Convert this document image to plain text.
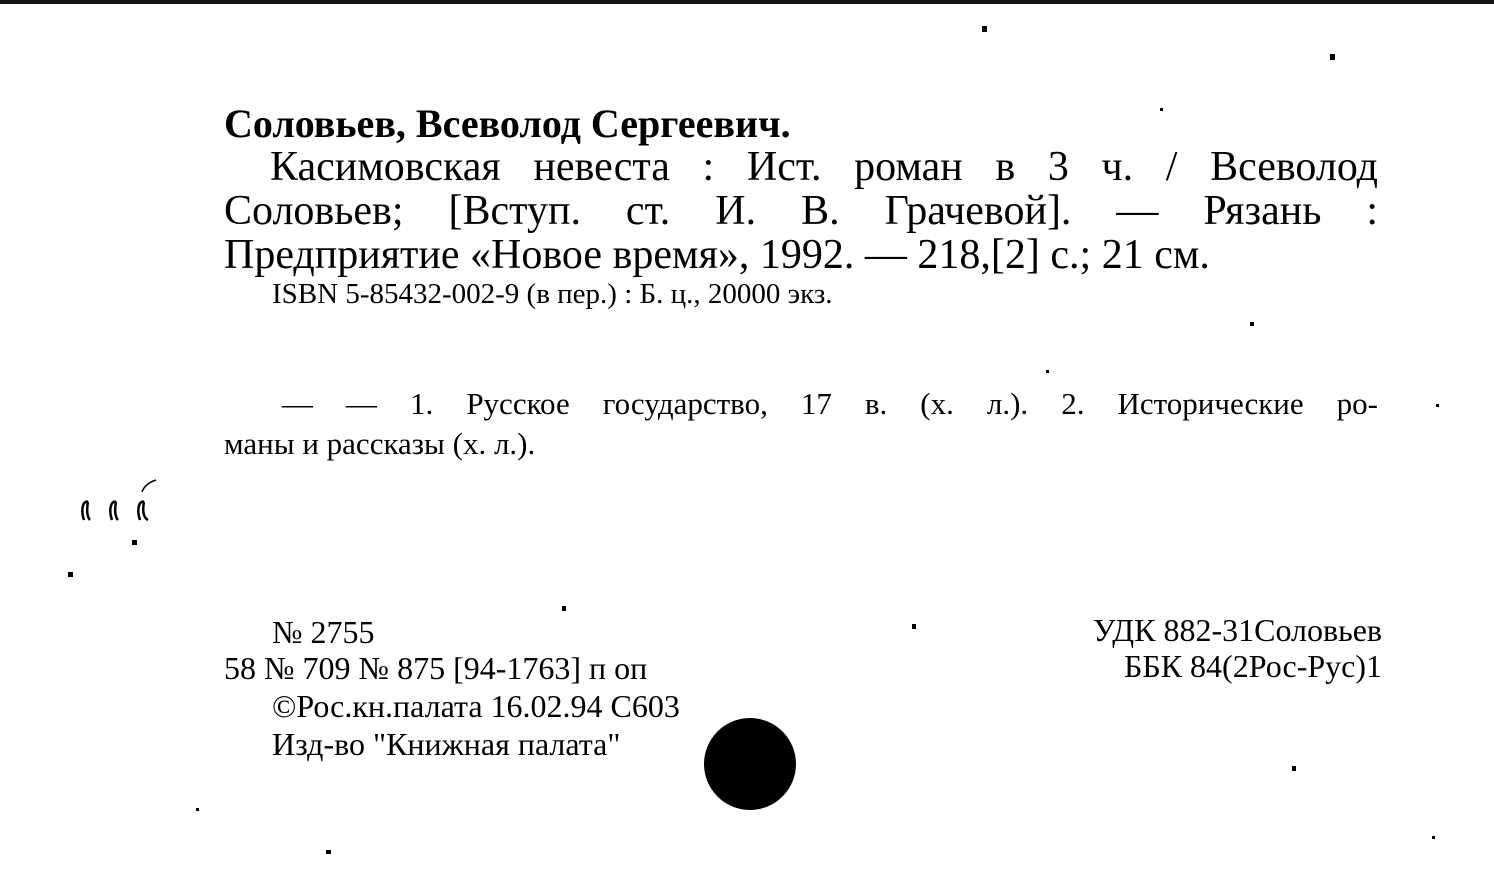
Соловьев, Всеволод Сергеевич.
Касимовская невеста : Ист. роман в 3 ч. / Всеволод
Соловьев; [Вступ. ст. И. В. Грачевой]. — Рязань :
Предприятие «Новое время», 1992. — 218,[2] с.; 21 см.
ISBN 5-85432-002-9 (в пер.) : Б. ц., 20000 экз.
— — 1. Русское государство, 17 в. (х. л.). 2. Исторические ро-
маны и рассказы (х. л.).
№ 2755
58 № 709 № 875 [94-1763] п оп
©Рос.кн.палата 16.02.94 С603
Изд-во "Книжная палата"
УДК 882-31Соловьев
ББК 84(2Рос-Рус)1
